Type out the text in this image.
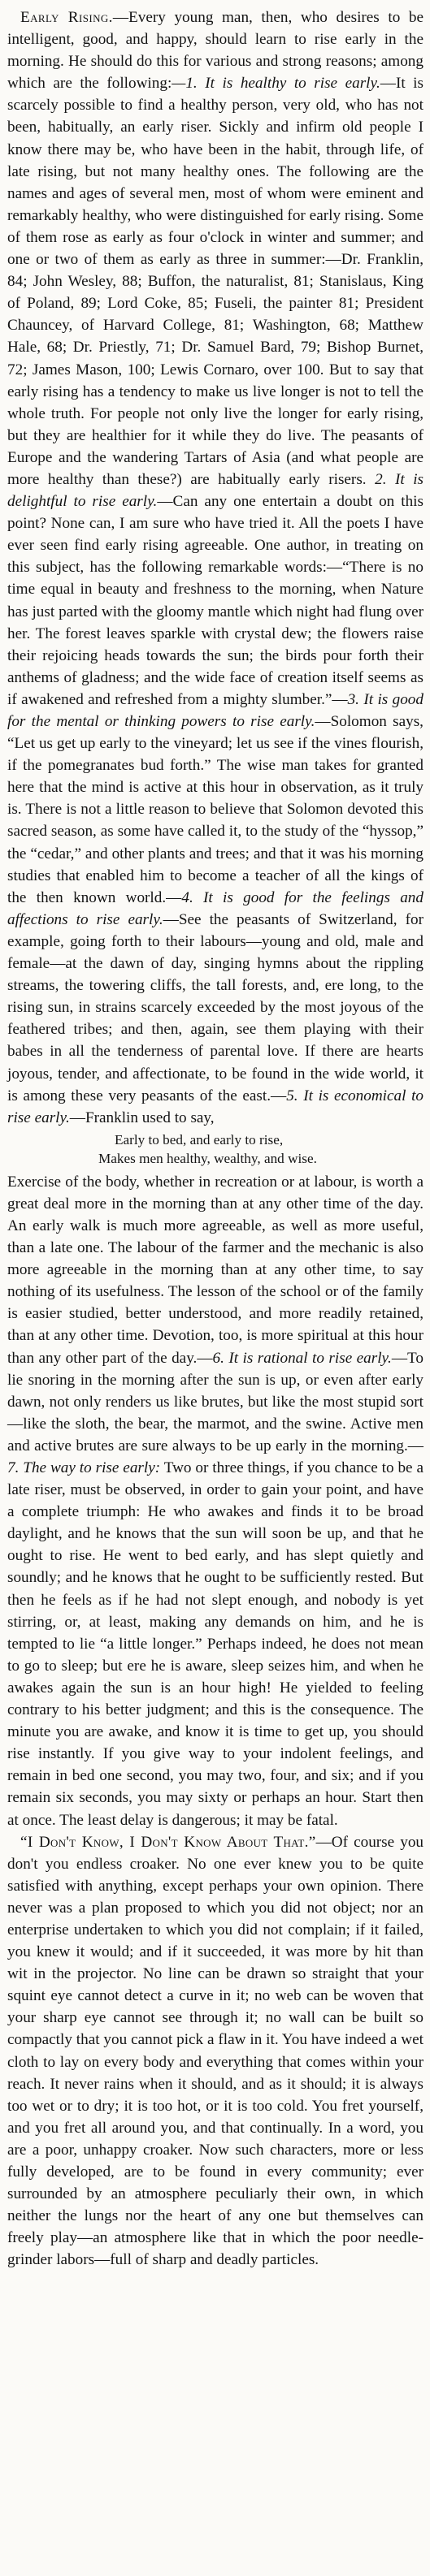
Early Rising.—Every young man, then, who desires to be intelligent, good, and happy, should learn to rise early in the morning. He should do this for various and strong reasons; among which are the following:—1. It is healthy to rise early.—It is scarcely possible to find a healthy person, very old, who has not been, habitually, an early riser. Sickly and infirm old people I know there may be, who have been in the habit, through life, of late rising, but not many healthy ones. The following are the names and ages of several men, most of whom were eminent and remarkably healthy, who were distinguished for early rising. Some of them rose as early as four o'clock in winter and summer; and one or two of them as early as three in summer:—Dr. Franklin, 84; John Wesley, 88; Buffon, the naturalist, 81; Stanislaus, King of Poland, 89; Lord Coke, 85; Fuseli, the painter 81; President Chauncey, of Harvard College, 81; Washington, 68; Matthew Hale, 68; Dr. Priestly, 71; Dr. Samuel Bard, 79; Bishop Burnet, 72; James Mason, 100; Lewis Cornaro, over 100. But to say that early rising has a tendency to make us live longer is not to tell the whole truth. For people not only live the longer for early rising, but they are healthier for it while they do live. The peasants of Europe and the wandering Tartars of Asia (and what people are more healthy than these?) are habitually early risers. 2. It is delightful to rise early.—Can any one entertain a doubt on this point? None can, I am sure who have tried it. All the poets I have ever seen find early rising agreeable. One author, in treating on this subject, has the following remarkable words:—“There is no time equal in beauty and freshness to the morning, when Nature has just parted with the gloomy mantle which night had flung over her. The forest leaves sparkle with crystal dew; the flowers raise their rejoicing heads towards the sun; the birds pour forth their anthems of gladness; and the wide face of creation itself seems as if awakened and refreshed from a mighty slumber.”—3. It is good for the mental or thinking powers to rise early.—Solomon says, “Let us get up early to the vineyard; let us see if the vines flourish, if the pomegranates bud forth.” The wise man takes for granted here that the mind is active at this hour in observation, as it truly is. There is not a little reason to believe that Solomon devoted this sacred season, as some have called it, to the study of the “hyssop,” the “cedar,” and other plants and trees; and that it was his morning studies that enabled him to become a teacher of all the kings of the then known world.—4. It is good for the feelings and affections to rise early.—See the peasants of Switzerland, for example, going forth to their labours—young and old, male and female—at the dawn of day, singing hymns about the rippling streams, the towering cliffs, the tall forests, and, ere long, to the rising sun, in strains scarcely exceeded by the most joyous of the feathered tribes; and then, again, see them playing with their babes in all the tenderness of parental love. If there are hearts joyous, tender, and affectionate, to be found in the wide world, it is among these very peasants of the east.—5. It is economical to rise early.—Franklin used to say,

Early to bed, and early to rise,
Makes men healthy, wealthy, and wise.

Exercise of the body, whether in recreation or at labour, is worth a great deal more in the morning than at any other time of the day. An early walk is much more agreeable, as well as more useful, than a late one. The labour of the farmer and the mechanic is also more agreeable in the morning than at any other time, to say nothing of its usefulness. The lesson of the school or of the family is easier studied, better understood, and more readily retained, than at any other time. Devotion, too, is more spiritual at this hour than any other part of the day.—6. It is rational to rise early.—To lie snoring in the morning after the sun is up, or even after early dawn, not only renders us like brutes, but like the most stupid sort—like the sloth, the bear, the marmot, and the swine. Active men and active brutes are sure always to be up early in the morning.—7. The way to rise early: Two or three things, if you chance to be a late riser, must be observed, in order to gain your point, and have a complete triumph: He who awakes and finds it to be broad daylight, and he knows that the sun will soon be up, and that he ought to rise. He went to bed early, and has slept quietly and soundly; and he knows that he ought to be sufficiently rested. But then he feels as if he had not slept enough, and nobody is yet stirring, or, at least, making any demands on him, and he is tempted to lie “a little longer.” Perhaps indeed, he does not mean to go to sleep; but ere he is aware, sleep seizes him, and when he awakes again the sun is an hour high! He yielded to feeling contrary to his better judgment; and this is the consequence. The minute you are awake, and know it is time to get up, you should rise instantly. If you give way to your indolent feelings, and remain in bed one second, you may two, four, and six; and if you remain six seconds, you may sixty or perhaps an hour. Start then at once. The least delay is dangerous; it may be fatal.

“I Don't Know, I Don't Know About That.”—Of course you don't you endless croaker. No one ever knew you to be quite satisfied with anything, except perhaps your own opinion. There never was a plan proposed to which you did not object; nor an enterprise undertaken to which you did not complain; if it failed, you knew it would; and if it succeeded, it was more by hit than wit in the projector. No line can be drawn so straight that your squint eye cannot detect a curve in it; no web can be woven that your sharp eye cannot see through it; no wall can be built so compactly that you cannot pick a flaw in it. You have indeed a wet cloth to lay on every body and everything that comes within your reach. It never rains when it should, and as it should; it is always too wet or to dry; it is too hot, or it is too cold. You fret yourself, and you fret all around you, and that continually. In a word, you are a poor, unhappy croaker. Now such characters, more or less fully developed, are to be found in every community; ever surrounded by an atmosphere peculiarly their own, in which neither the lungs nor the heart of any one but themselves can freely play—an atmosphere like that in which the poor needle-grinder labors—full of sharp and deadly particles.
